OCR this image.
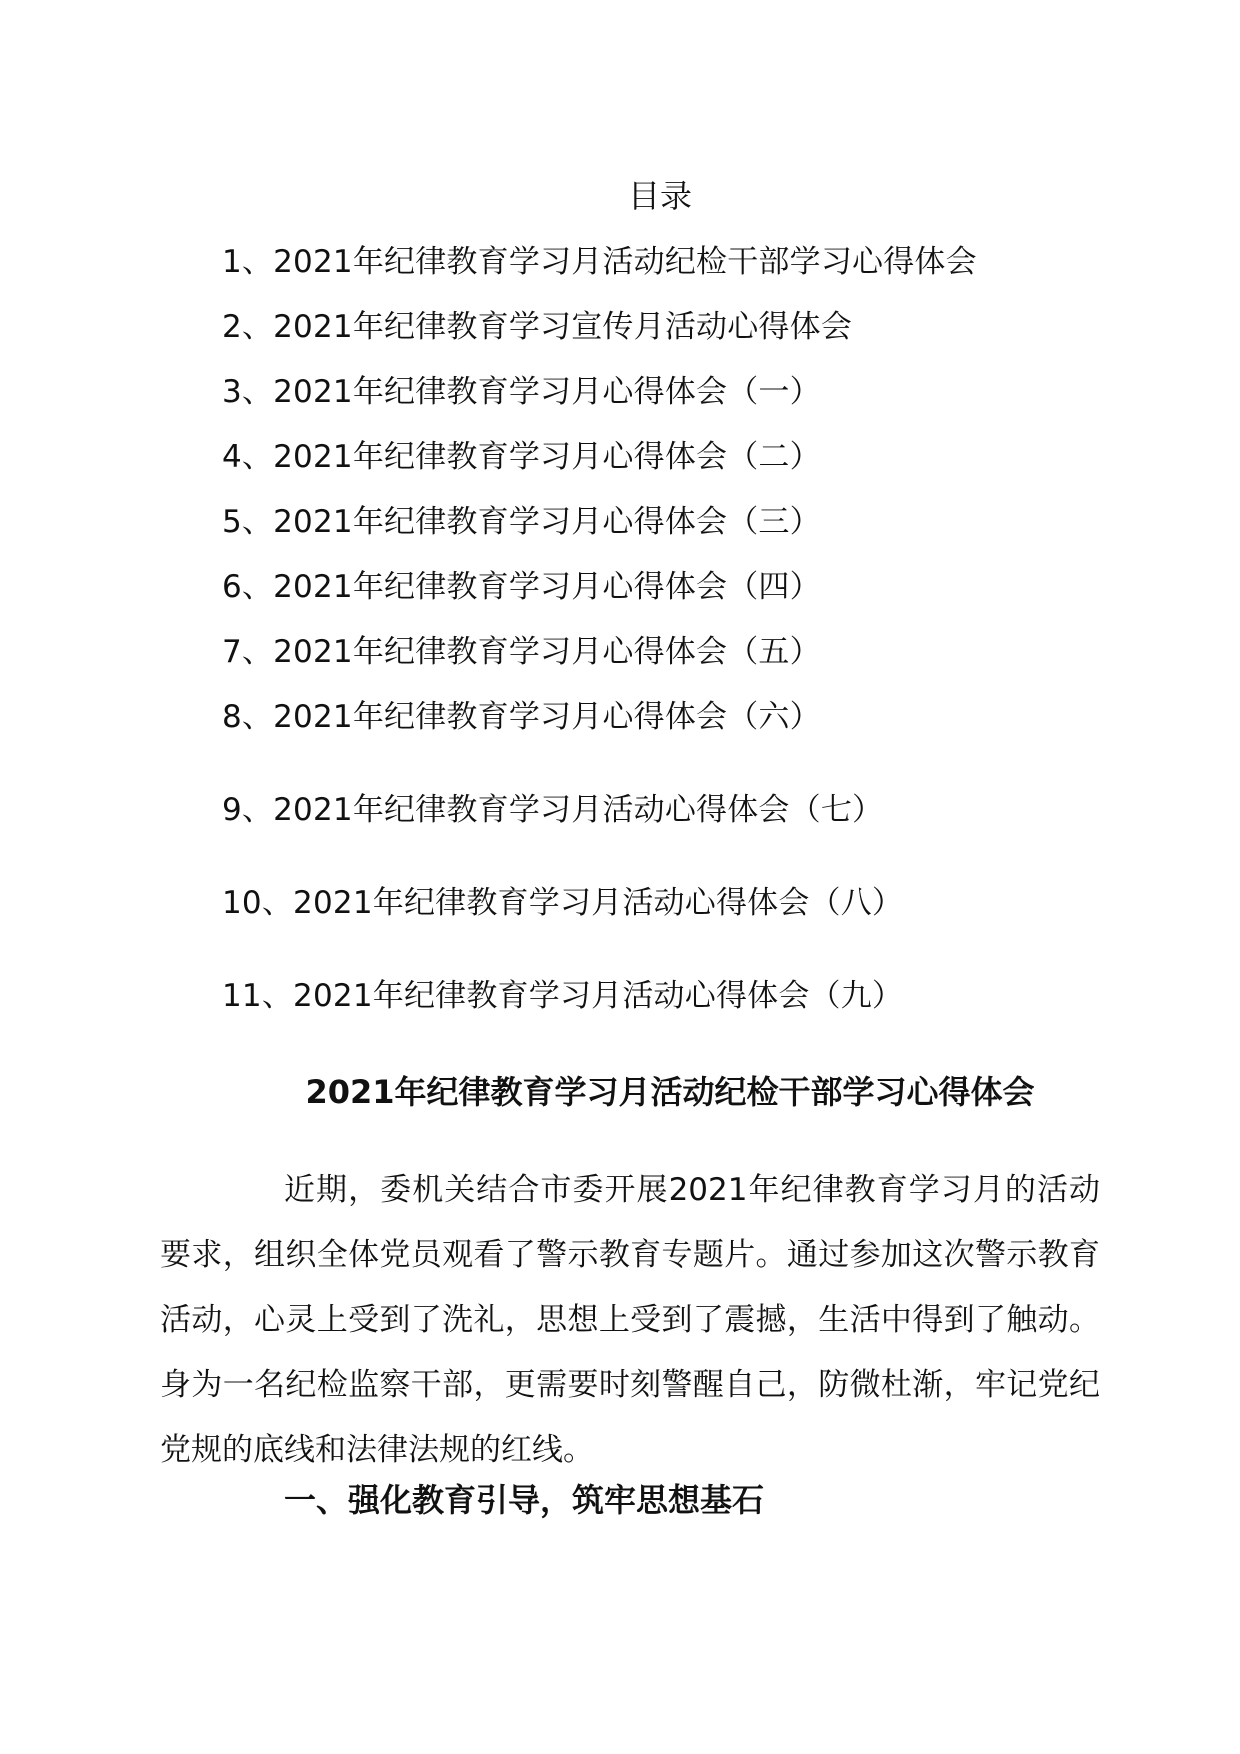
目录
1、2021年纪律教育学习月活动纪检干部学习心得体会
2、2021年纪律教育学习宣传月活动心得体会
3、2021年纪律教育学习月心得体会（一）
4、2021年纪律教育学习月心得体会（二）
5、2021年纪律教育学习月心得体会（三）
6、2021年纪律教育学习月心得体会（四）
7、2021年纪律教育学习月心得体会（五）
8、2021年纪律教育学习月心得体会（六）
9、2021年纪律教育学习月活动心得体会（七）
10、2021年纪律教育学习月活动心得体会（八）
11、2021年纪律教育学习月活动心得体会（九）
2021年纪律教育学习月活动纪检干部学习心得体会

近期，委机关结合市委开展2021年纪律教育学习月的活动要求，组织全体党员观看了警示教育专题片。通过参加这次警示教育活动，心灵上受到了洗礼，思想上受到了震撼，生活中得到了触动。身为一名纪检监察干部，更需要时刻警醒自己，防微杜渐，牢记党纪党规的底线和法律法规的红线。

一、强化教育引导，筑牢思想基石
